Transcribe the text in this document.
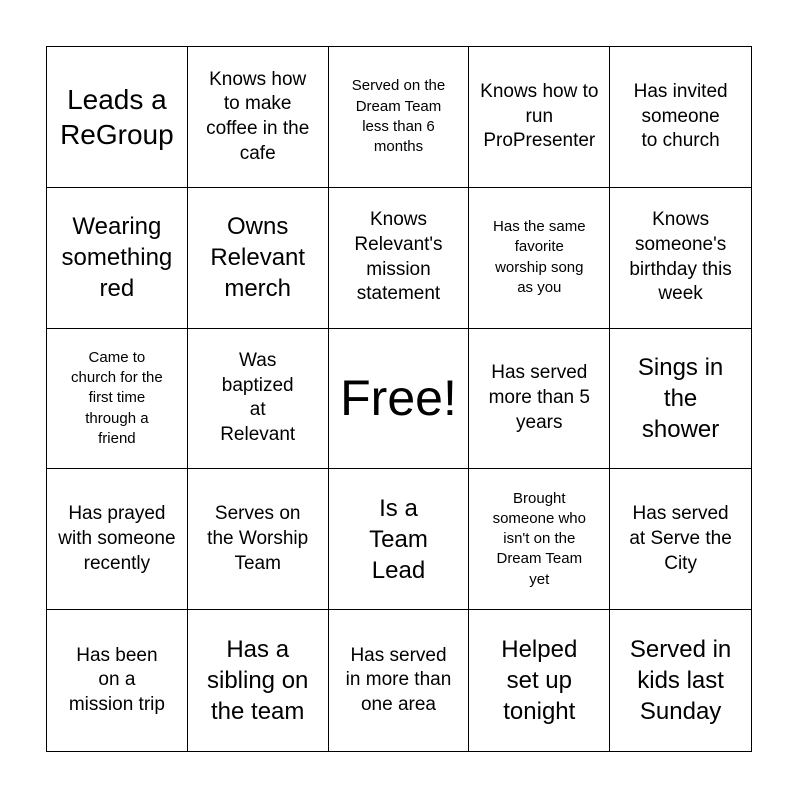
Leads a ReGroup
Knows how to make coffee in the cafe
Served on the Dream Team less than 6 months
Knows how to run ProPresenter
Has invited someone to church
Wearing something red
Owns Relevant merch
Knows Relevant's mission statement
Has the same favorite worship song as you
Knows someone's birthday this week
Came to church for the first time through a friend
Was baptized at Relevant
Free!	Has served more than 5 years
Sings in the shower
Has prayed with someone recently
Serves on the Worship Team
Is a Team Lead
Brought someone who isn't on the Dream Team yet
Has served at Serve the City
Has been on a mission trip
Has a sibling on the team
Has served in more than one area
Helped set up tonight
Served in kids last Sunday
